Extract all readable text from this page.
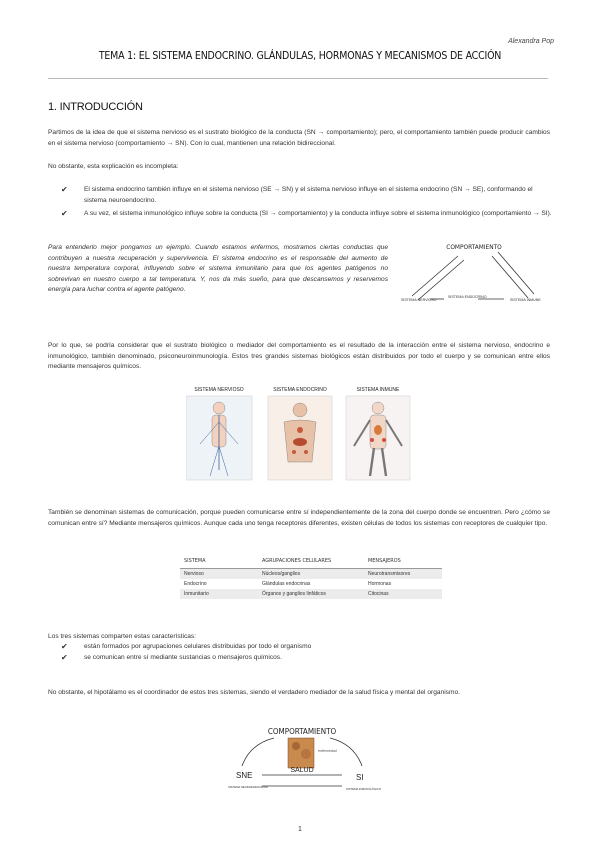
Alexandra Pop
TEMA 1: EL SISTEMA ENDOCRINO. GLÁNDULAS, HORMONAS Y MECANISMOS DE ACCIÓN
1. INTRODUCCIÓN
Partimos de la idea de que el sistema nervioso es el sustrato biológico de la conducta (SN → comportamiento); pero, el comportamiento también puede producir cambios en el sistema nervioso (comportamiento → SN). Con lo cual, mantienen una relación bidireccional.
No obstante, esta explicación es incompleta:
✔ El sistema endocrino también influye en el sistema nervioso (SE → SN) y el sistema nervioso influye en el sistema endocrino (SN → SE), conformando el sistema neuroendocrino.
✔ A su vez, el sistema inmunológico influye sobre la conducta (SI → comportamiento) y la conducta influye sobre el sistema inmunológico (comportamiento → SI).
Para entenderlo mejor pongamos un ejemplo. Cuando estamos enfermos, mostramos ciertas conductas que contribuyen a nuestra recuperación y supervivencia. El sistema endocrino es el responsable del aumento de nuestra temperatura corporal, influyendo sobre el sistema inmunitario para que los agentes patógenos no sobrevivan en nuestro cuerpo a tal temperatura. Y, nos da más sueño, para que descansemos y reservemos energía para luchar contra el agente patógeno.
COMPORTAMIENTO
SISTEMA NERVIOSO
SISTEMA ENDOCRINO
SISTEMA INMUNE
Por lo que, se podría considerar que el sustrato biológico o mediador del comportamiento es el resultado de la interacción entre el sistema nervioso, endocrino e inmunológico, también denominado, psiconeuroinmunología. Estos tres grandes sistemas biológicos están distribuidos por todo el cuerpo y se comunican entre ellos mediante mensajeros químicos.
SISTEMA NERVIOSO	SISTEMA ENDOCRINO	SISTEMA INMUNE
También se denominan sistemas de comunicación, porque pueden comunicarse entre sí independientemente de la zona del cuerpo donde se encuentren. Pero ¿cómo se comunican entre sí? Mediante mensajeros químicos. Aunque cada uno tenga receptores diferentes, existen células de todos los sistemas con receptores de cualquier tipo.
SISTEMA	AGRUPACIONES CELULARES	MENSAJEROS
Nervioso	Núcleos/ganglios	Neurotransmisores
Endocrino	Glándulas endocrinas	Hormonas
Inmunitario	Órganos y ganglios linfáticos	Citocinas
Los tres sistemas comparten estas características:
✔ están formados por agrupaciones celulares distribuidas por todo el organismo
✔ se comunican entre sí mediante sustancias o mensajeros químicos.
No obstante, el hipotálamo es el coordinador de estos tres sistemas, siendo el verdadero mediador de la salud física y mental del organismo.
COMPORTAMIENTO
enfermedad
SALUD
SNE
SISTEMA NEUROENDOCRINO
SI
SISTEMA INMUNOLÓGICO
1
